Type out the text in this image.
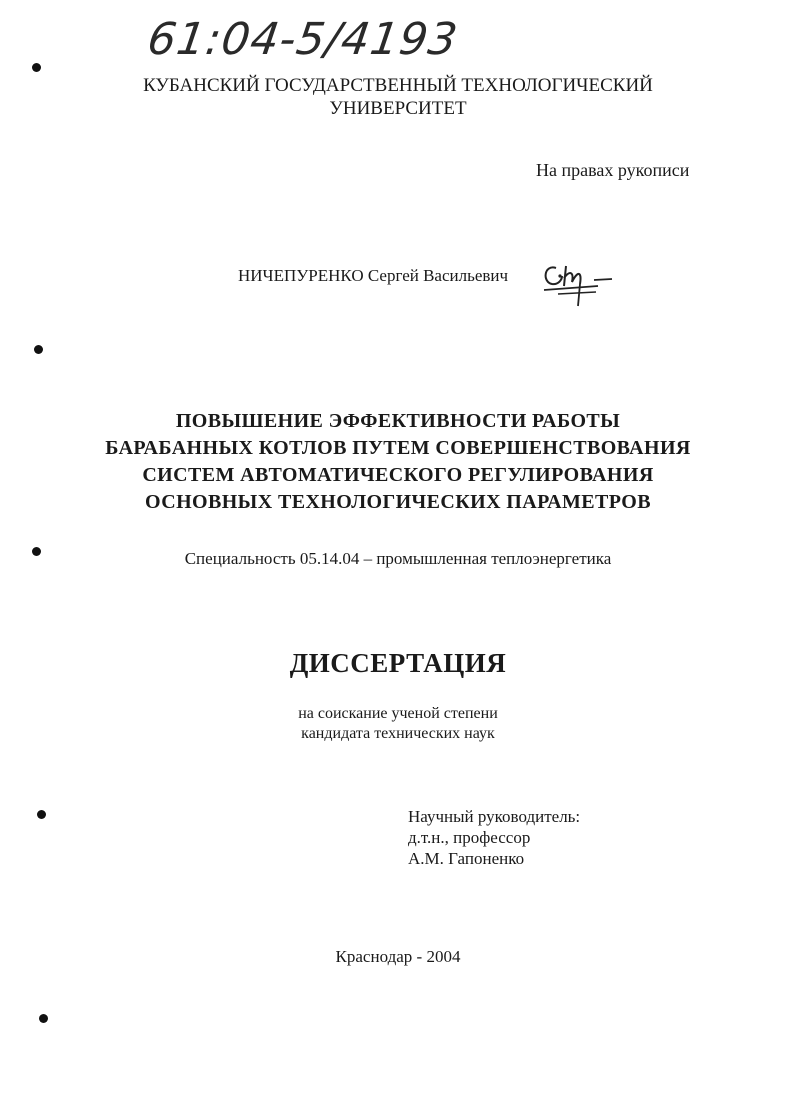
61:04-5/4193
КУБАНСКИЙ ГОСУДАРСТВЕННЫЙ ТЕХНОЛОГИЧЕСКИЙ
УНИВЕРСИТЕТ
На правах рукописи
НИЧЕПУРЕНКО Сергей Васильевич
ПОВЫШЕНИЕ ЭФФЕКТИВНОСТИ РАБОТЫ
БАРАБАННЫХ КОТЛОВ ПУТЕМ СОВЕРШЕНСТВОВАНИЯ
СИСТЕМ АВТОМАТИЧЕСКОГО РЕГУЛИРОВАНИЯ
ОСНОВНЫХ ТЕХНОЛОГИЧЕСКИХ ПАРАМЕТРОВ
Специальность 05.14.04 – промышленная теплоэнергетика
ДИССЕРТАЦИЯ
на соискание ученой степени
кандидата технических наук
Научный руководитель:
д.т.н., профессор
А.М. Гапоненко
Краснодар - 2004
